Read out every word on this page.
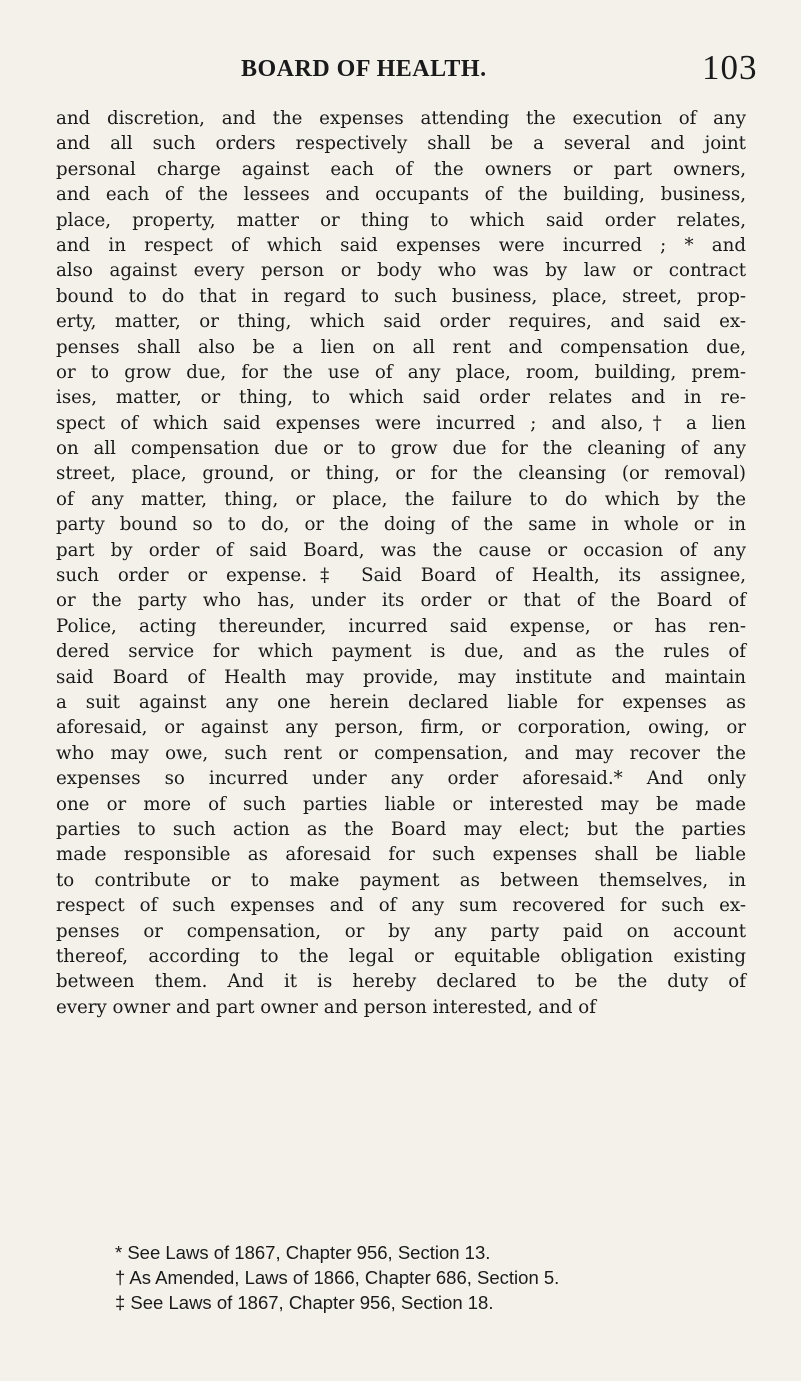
BOARD OF HEALTH.	103
and discretion, and the expenses attending the execution of any
and all such orders respectively shall be a several and joint
personal charge against each of the owners or part owners,
and each of the lessees and occupants of the building, business,
place, property, matter or thing to which said order relates,
and in respect of which said expenses were incurred ; * and
also against every person or body who was by law or contract
bound to do that in regard to such business, place, street, prop-
erty, matter, or thing, which said order requires, and said ex-
penses shall also be a lien on all rent and compensation due,
or to grow due, for the use of any place, room, building, prem-
ises, matter, or thing, to which said order relates and in re-
spect of which said expenses were incurred ; and also,† a lien
on all compensation due or to grow due for the cleaning of any
street, place, ground, or thing, or for the cleansing (or removal)
of any matter, thing, or place, the failure to do which by the
party bound so to do, or the doing of the same in whole or in
part by order of said Board, was the cause or occasion of any
such order or expense.‡ Said Board of Health, its assignee,
or the party who has, under its order or that of the Board of
Police, acting thereunder, incurred said expense, or has ren-
dered service for which payment is due, and as the rules of
said Board of Health may provide, may institute and maintain
a suit against any one herein declared liable for expenses as
aforesaid, or against any person, firm, or corporation, owing, or
who may owe, such rent or compensation, and may recover the
expenses so incurred under any order aforesaid.* And only
one or more of such parties liable or interested may be made
parties to such action as the Board may elect; but the parties
made responsible as aforesaid for such expenses shall be liable
to contribute or to make payment as between themselves, in
respect of such expenses and of any sum recovered for such ex-
penses or compensation, or by any party paid on account
thereof, according to the legal or equitable obligation existing
between them. And it is hereby declared to be the duty of
every owner and part owner and person interested, and of
* See Laws of 1867, Chapter 956, Section 13.
† As Amended, Laws of 1866, Chapter 686, Section 5.
‡ See Laws of 1867, Chapter 956, Section 18.
